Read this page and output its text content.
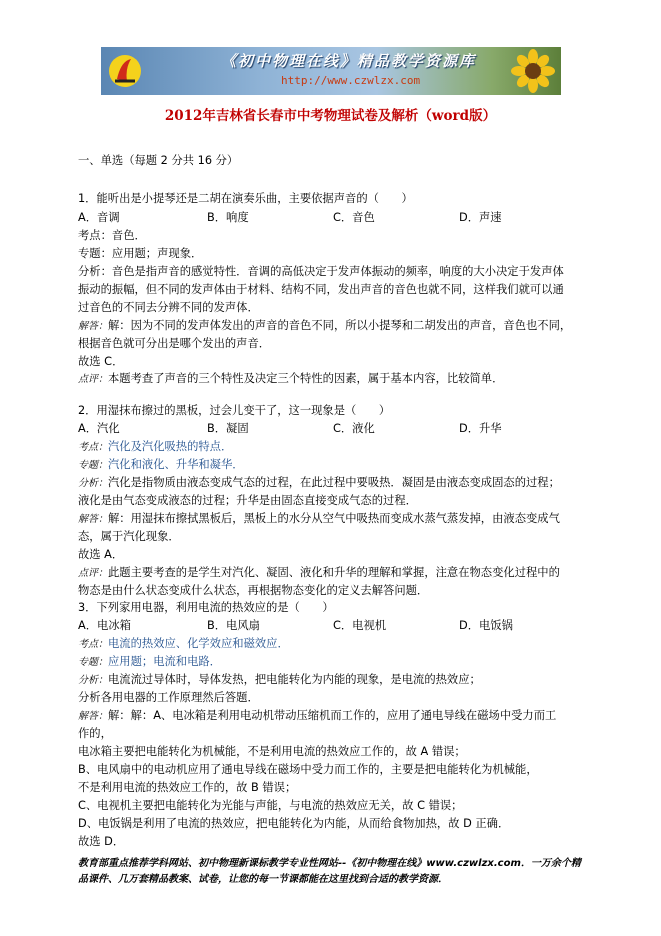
《初中物理在线》精品教学资源库
http://www.czwlzx.com
2012年吉林省长春市中考物理试卷及解析（word版）
一、单选（每题 2 分共 16 分）
1．能听出是小提琴还是二胡在演奏乐曲，主要依据声音的（　　）
A．音调	B．响度	C．音色	D．声速
考点：音色．
专题：应用题；声现象．
分析：音色是指声音的感觉特性．音调的高低决定于发声体振动的频率，响度的大小决定于发声体
振动的振幅，但不同的发声体由于材料、结构不同，发出声音的音色也就不同，这样我们就可以通
过音色的不同去分辨不同的发声体．
解答：解：因为不同的发声体发出的声音的音色不同，所以小提琴和二胡发出的声音，音色也不同，
根据音色就可分出是哪个发出的声音．
故选 C．
点评：本题考查了声音的三个特性及决定三个特性的因素，属于基本内容，比较简单．
2．用湿抹布擦过的黑板，过会儿变干了，这一现象是（　　）
A．汽化	B．凝固	C．液化	D．升华
考点：汽化及汽化吸热的特点．
专题：汽化和液化、升华和凝华．
分析：汽化是指物质由液态变成气态的过程，在此过程中要吸热．凝固是由液态变成固态的过程；
液化是由气态变成液态的过程；升华是由固态直接变成气态的过程．
解答：解：用湿抹布擦拭黑板后，黑板上的水分从空气中吸热而变成水蒸气蒸发掉，由液态变成气
态，属于汽化现象．
故选 A．
点评：此题主要考查的是学生对汽化、凝固、液化和升华的理解和掌握，注意在物态变化过程中的
物态是由什么状态变成什么状态，再根据物态变化的定义去解答问题．
3．下列家用电器，利用电流的热效应的是（　　）
A．电冰箱	B．电风扇	C．电视机	D．电饭锅
考点：电流的热效应、化学效应和磁效应．
专题：应用题；电流和电路．
分析：电流流过导体时，导体发热，把电能转化为内能的现象，是电流的热效应；
分析各用电器的工作原理然后答题．
解答：解：解：A、电冰箱是利用电动机带动压缩机而工作的，应用了通电导线在磁场中受力而工
作的，
电冰箱主要把电能转化为机械能，不是利用电流的热效应工作的，故 A 错误；
B、电风扇中的电动机应用了通电导线在磁场中受力而工作的，主要是把电能转化为机械能，
不是利用电流的热效应工作的，故 B 错误；
C、电视机主要把电能转化为光能与声能，与电流的热效应无关，故 C 错误；
D、电饭锅是利用了电流的热效应，把电能转化为内能，从而给食物加热，故 D 正确．
故选 D．
教育部重点推荐学科网站、初中物理新课标教学专业性网站--《初中物理在线》www.czwlzx.com．一万余个精品课件、几万套精品教案、试卷，让您的每一节课都能在这里找到合适的教学资源．
